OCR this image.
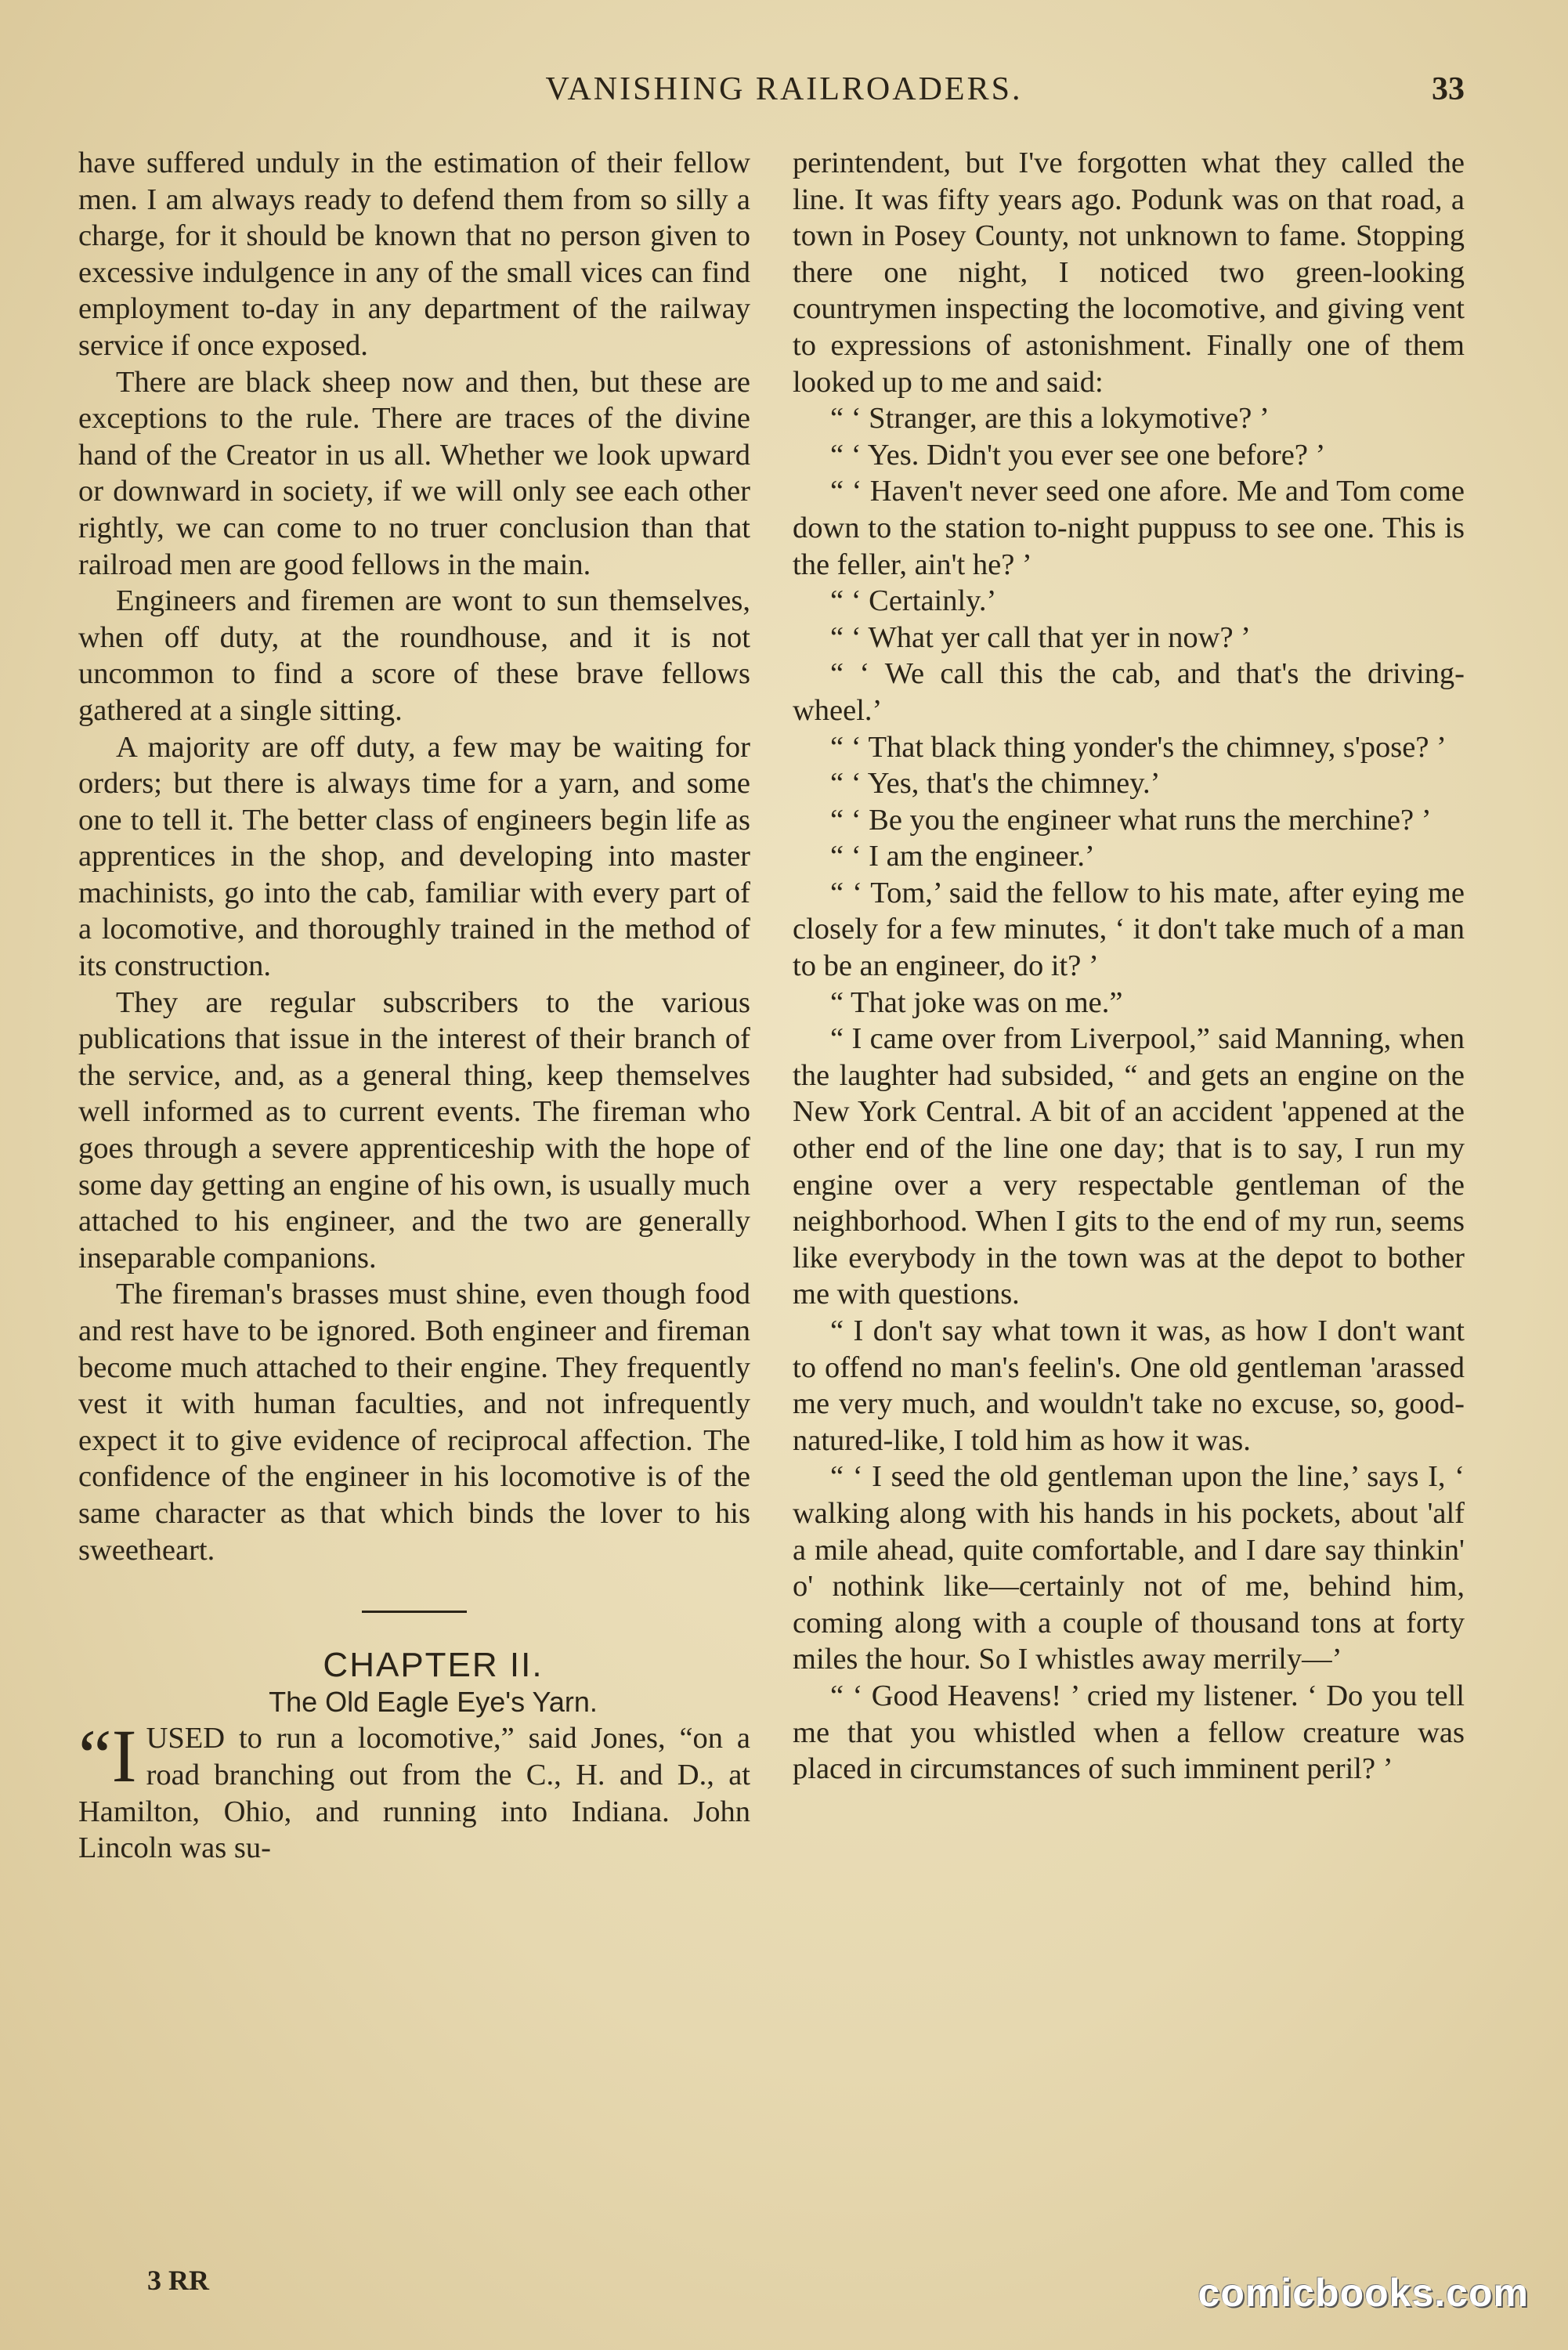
VANISHING RAILROADERS.	33

have suffered unduly in the estimation of their fellow men. I am always ready to defend them from so silly a charge, for it should be known that no person given to excessive indulgence in any of the small vices can find employment to-day in any department of the railway service if once exposed.

There are black sheep now and then, but these are exceptions to the rule. There are traces of the divine hand of the Creator in us all. Whether we look upward or downward in society, if we will only see each other rightly, we can come to no truer conclusion than that railroad men are good fellows in the main.

Engineers and firemen are wont to sun themselves, when off duty, at the roundhouse, and it is not uncommon to find a score of these brave fellows gathered at a single sitting.

A majority are off duty, a few may be waiting for orders; but there is always time for a yarn, and some one to tell it. The better class of engineers begin life as apprentices in the shop, and developing into master machinists, go into the cab, familiar with every part of a locomotive, and thoroughly trained in the method of its construction.

They are regular subscribers to the various publications that issue in the interest of their branch of the service, and, as a general thing, keep themselves well informed as to current events. The fireman who goes through a severe apprenticeship with the hope of some day getting an engine of his own, is usually much attached to his engineer, and the two are generally inseparable companions.

The fireman's brasses must shine, even though food and rest have to be ignored. Both engineer and fireman become much attached to their engine. They frequently vest it with human faculties, and not infrequently expect it to give evidence of reciprocal affection. The confidence of the engineer in his locomotive is of the same character as that which binds the lover to his sweetheart.

CHAPTER II.

The Old Eagle Eye's Yarn.

“I USED to run a locomotive,” said Jones, “on a road branching out from the C., H. and D., at Hamilton, Ohio, and running into Indiana. John Lincoln was su-

perintendent, but I've forgotten what they called the line. It was fifty years ago. Podunk was on that road, a town in Posey County, not unknown to fame. Stopping there one night, I noticed two green-looking countrymen inspecting the locomotive, and giving vent to expressions of astonishment. Finally one of them looked up to me and said:

“ ‘ Stranger, are this a lokymotive? ’

“ ‘ Yes. Didn't you ever see one before? ’

“ ‘ Haven't never seed one afore. Me and Tom come down to the station to-night puppuss to see one. This is the feller, ain't he? ’

“ ‘ Certainly.’

“ ‘ What yer call that yer in now? ’

“ ‘ We call this the cab, and that's the driving-wheel.’

“ ‘ That black thing yonder's the chimney, s'pose? ’

“ ‘ Yes, that's the chimney.’

“ ‘ Be you the engineer what runs the merchine? ’

“ ‘ I am the engineer.’

“ ‘ Tom,’ said the fellow to his mate, after eying me closely for a few minutes, ‘ it don't take much of a man to be an engineer, do it? ’

“ That joke was on me.”

“ I came over from Liverpool,” said Manning, when the laughter had subsided, “ and gets an engine on the New York Central. A bit of an accident 'appened at the other end of the line one day; that is to say, I run my engine over a very respectable gentleman of the neighborhood. When I gits to the end of my run, seems like everybody in the town was at the depot to bother me with questions.

“ I don't say what town it was, as how I don't want to offend no man's feelin's. One old gentleman 'arassed me very much, and wouldn't take no excuse, so, good-natured-like, I told him as how it was.

“ ‘ I seed the old gentleman upon the line,’ says I, ‘ walking along with his hands in his pockets, about 'alf a mile ahead, quite comfortable, and I dare say thinkin' o' nothink like—certainly not of me, behind him, coming along with a couple of thousand tons at forty miles the hour. So I whistles away merrily—’

“ ‘ Good Heavens! ’ cried my listener. ‘ Do you tell me that you whistled when a fellow creature was placed in circumstances of such imminent peril? ’

3 RR	comicbooks.com
